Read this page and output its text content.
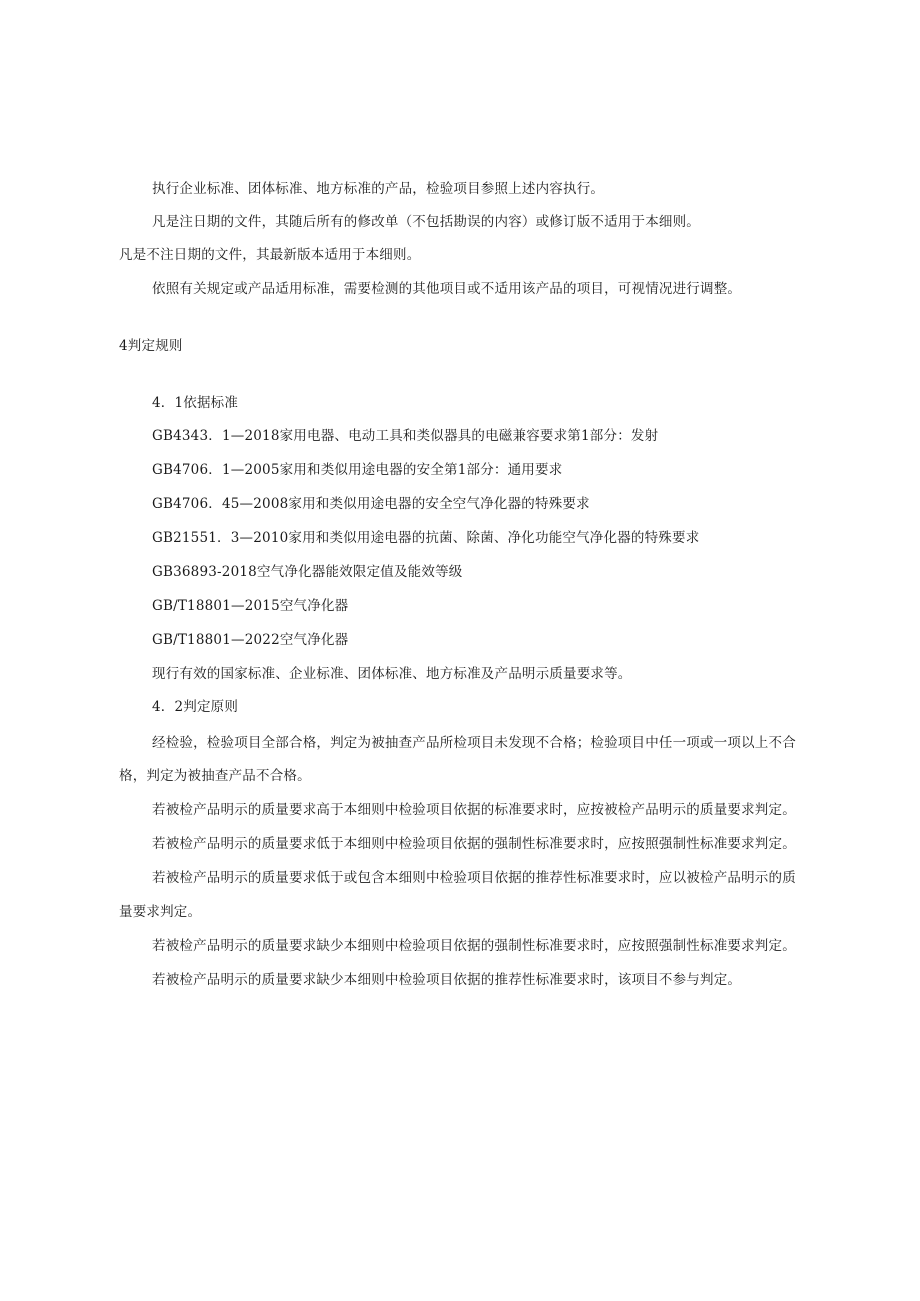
执行企业标准、团体标准、地方标准的产品，检验项目参照上述内容执行。
凡是注日期的文件，其随后所有的修改单（不包括勘误的内容）或修订版不适用于本细则。
凡是不注日期的文件，其最新版本适用于本细则。
依照有关规定或产品适用标准，需要检测的其他项目或不适用该产品的项目，可视情况进行调整。
4判定规则
4．1依据标准
GB4343．1—2018家用电器、电动工具和类似器具的电磁兼容要求第1部分：发射
GB4706．1—2005家用和类似用途电器的安全第1部分：通用要求
GB4706．45—2008家用和类似用途电器的安全空气净化器的特殊要求
GB21551．3—2010家用和类似用途电器的抗菌、除菌、净化功能空气净化器的特殊要求
GB36893-2018空气净化器能效限定值及能效等级
GB/T18801—2015空气净化器
GB/T18801—2022空气净化器
现行有效的国家标准、企业标准、团体标准、地方标准及产品明示质量要求等。
4．2判定原则
经检验，检验项目全部合格，判定为被抽查产品所检项目未发现不合格；检验项目中任一项或一项以上不合
格，判定为被抽查产品不合格。
若被检产品明示的质量要求高于本细则中检验项目依据的标准要求时，应按被检产品明示的质量要求判定。
若被检产品明示的质量要求低于本细则中检验项目依据的强制性标准要求时，应按照强制性标准要求判定。
若被检产品明示的质量要求低于或包含本细则中检验项目依据的推荐性标准要求时，应以被检产品明示的质
量要求判定。
若被检产品明示的质量要求缺少本细则中检验项目依据的强制性标准要求时，应按照强制性标准要求判定。
若被检产品明示的质量要求缺少本细则中检验项目依据的推荐性标准要求时，该项目不参与判定。
